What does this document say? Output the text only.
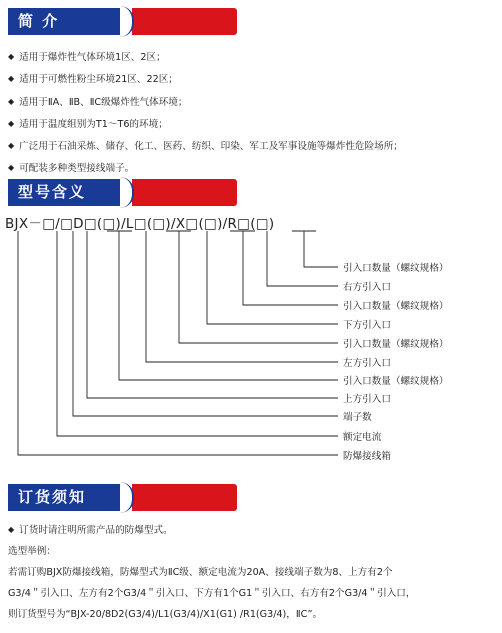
简 介
◆ 适用于爆炸性气体环境1区、2区；
◆ 适用于可燃性粉尘环境21区、22区；
◆ 适用于ⅡA、ⅡB、ⅡC级爆炸性气体环境；
◆ 适用于温度组别为T1～T6的环境；
◆ 广泛用于石油采炼、储存、化工、医药、纺织、印染、军工及军事设施等爆炸性危险场所；
◆ 可配装多种类型接线端子。
型号含义
BJX－□/□D□(□)/L□(□)/X□(□)/R□(□)
引入口数量（螺纹规格）
右方引入口
引入口数量（螺纹规格）
下方引入口
引入口数量（螺纹规格）
左方引入口
引入口数量（螺纹规格）
上方引入口
端子数
额定电流
防爆接线箱
订货须知
◆ 订货时请注明所需产品的防爆型式。
选型举例：
若需订购BJX防爆接线箱，防爆型式为ⅡC级、额定电流为20A、接线端子数为8、上方有2个
G3/4＂引入口、左方有2个G3/4＂引入口、下方有1个G1＂引入口、右方有2个G3/4＂引入口，
则订货型号为“BJX-20/8D2(G3/4)/L1(G3/4)/X1(G1) /R1(G3/4)，ⅡC”。
